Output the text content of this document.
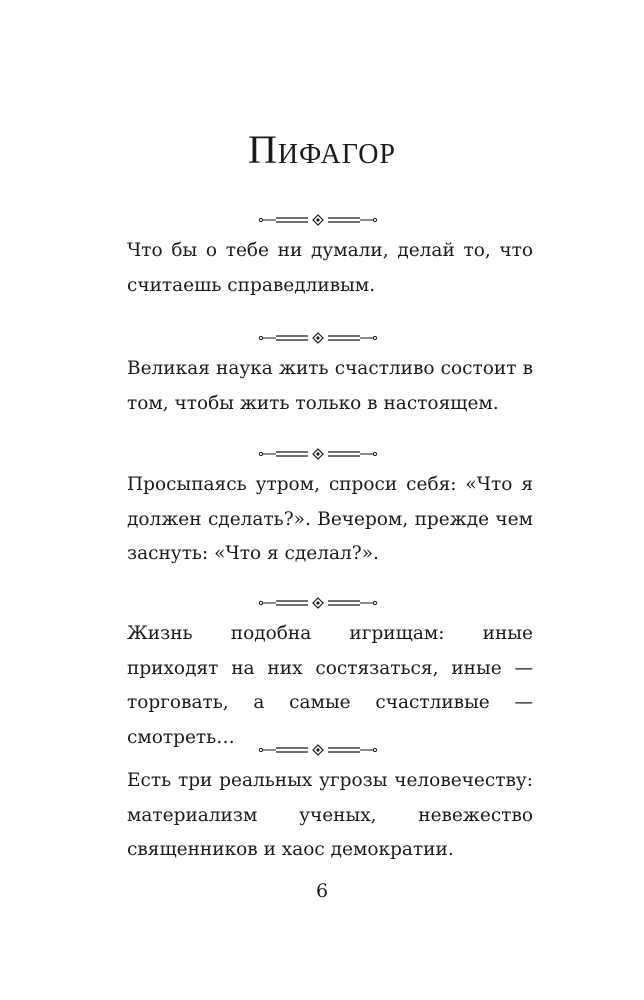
Пифагор

Что бы о тебе ни думали, делай то, что считаешь справедливым.

Великая наука жить счастливо состоит в том, чтобы жить только в настоящем.

Просыпаясь утром, спроси себя: «Что я должен сделать?». Вечером, прежде чем заснуть: «Что я сделал?».

Жизнь подобна игрищам: иные приходят на них состязаться, иные — торговать, а самые счастливые — смотреть…

Есть три реальных угрозы человечеству: материализм ученых, невежество священников и хаос демократии.

6
